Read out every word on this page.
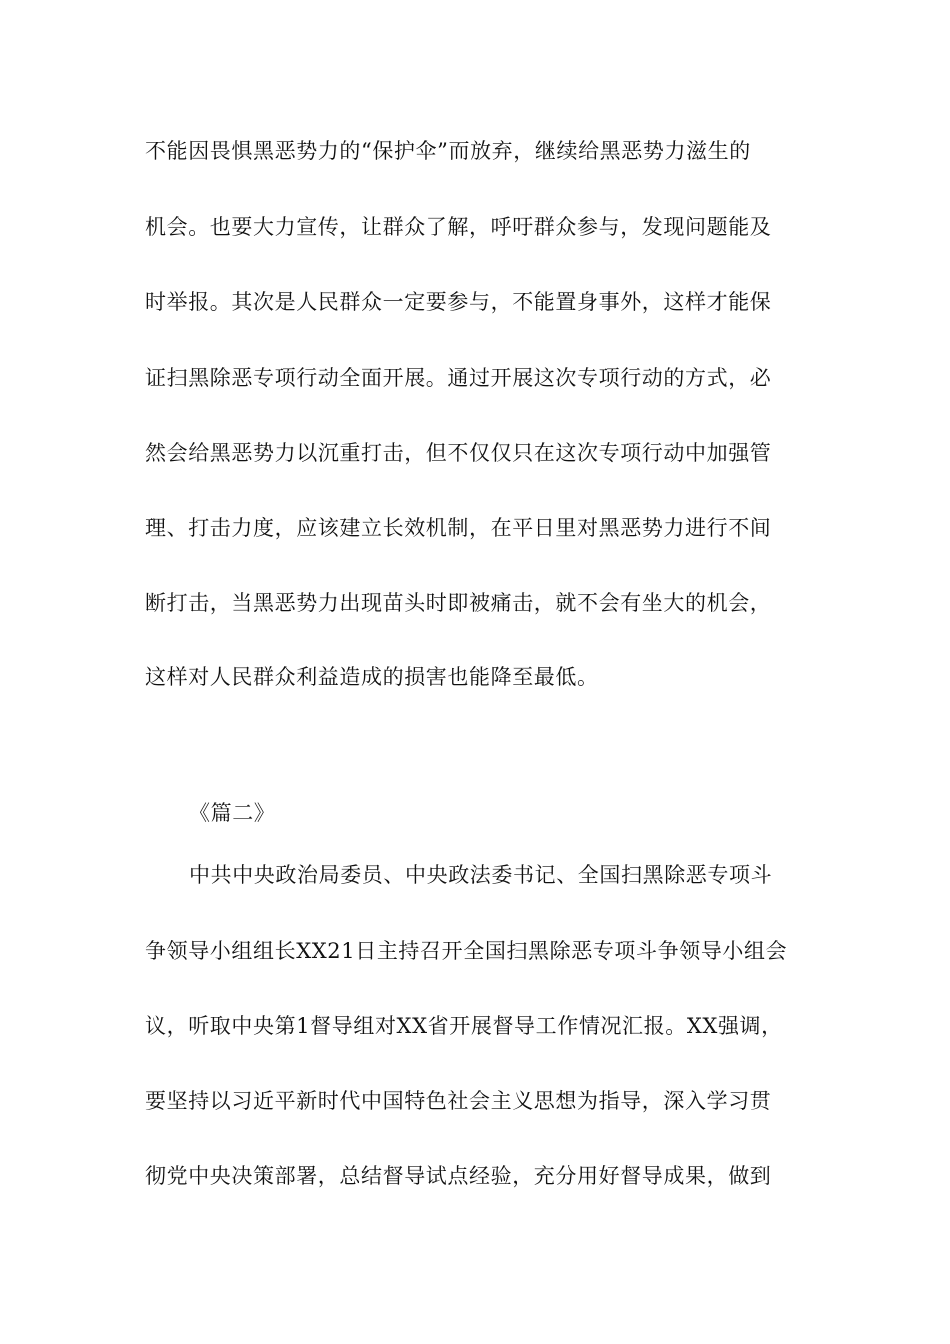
不能因畏惧黑恶势力的“保护伞”而放弃，继续给黑恶势力滋生的
机会。也要大力宣传，让群众了解，呼吁群众参与，发现问题能及
时举报。其次是人民群众一定要参与，不能置身事外，这样才能保
证扫黑除恶专项行动全面开展。通过开展这次专项行动的方式，必
然会给黑恶势力以沉重打击，但不仅仅只在这次专项行动中加强管
理、打击力度，应该建立长效机制，在平日里对黑恶势力进行不间
断打击，当黑恶势力出现苗头时即被痛击，就不会有坐大的机会，
这样对人民群众利益造成的损害也能降至最低。
《篇二》
中共中央政治局委员、中央政法委书记、全国扫黑除恶专项斗
争领导小组组长XX21日主持召开全国扫黑除恶专项斗争领导小组会
议，听取中央第1督导组对XX省开展督导工作情况汇报。XX强调，
要坚持以习近平新时代中国特色社会主义思想为指导，深入学习贯
彻党中央决策部署，总结督导试点经验，充分用好督导成果，做到
